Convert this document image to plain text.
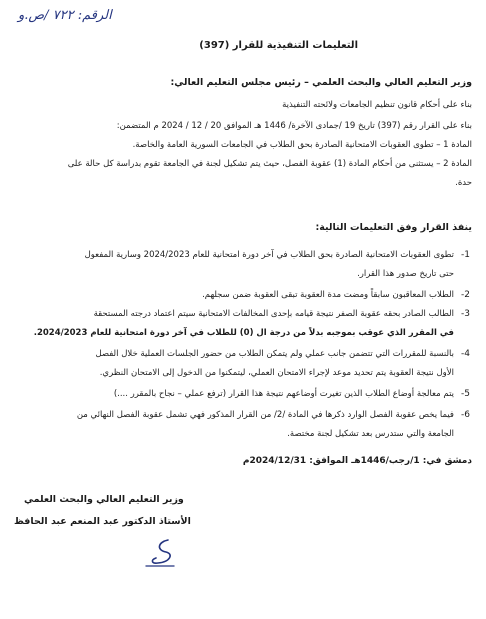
الرقم: ٧٢٢ /ص.و
التعليمات التنفيذية للقرار (397)
وزير التعليم العالي والبحث العلمي – رئيس مجلس التعليم العالي:
بناء على أحكام قانون تنظيم الجامعات ولائحته التنفيذية
بناء على القرار رقم (397) تاريخ 19 /جمادى الآخرة/ 1446 هـ الموافق 20 / 12 / 2024 م المتضمن:
المادة 1 – تطوى العقوبات الامتحانية الصادرة بحق الطلاب في الجامعات السورية العامة والخاصة.
المادة 2 – يستثنى من أحكام المادة (1) عقوبة الفصل، حيث يتم تشكيل لجنة في الجامعة تقوم بدراسة كل حالة على
حدة.
ينفذ القرار وفق التعليمات التالية:
1-
تطوى العقوبات الامتحانية الصادرة بحق الطلاب في آخر دورة امتحانية للعام 2024/2023 وسارية المفعول
حتى تاريخ صدور هذا القرار.
2-
الطلاب المعاقبون سابقاً ومضت مدة العقوبة تبقى العقوبة ضمن سجلهم.
3-
الطالب الصادر بحقه عقوبة الصفر نتيجة قيامه بإحدى المخالفات الامتحانية سيتم اعتماد درجته المستحقة
في المقرر الذي عوقب بموجبه بدلاً من درجة ال (0) للطلاب في آخر دورة امتحانية للعام 2024/2023.
4-
بالنسبة للمقررات التي تتضمن جانب عملي ولم يتمكن الطلاب من حضور الجلسات العملية خلال الفصل
الأول نتيجة العقوبة يتم تحديد موعد لإجراء الامتحان العملي، ليتمكنوا من الدخول إلى الامتحان النظري.
5-
يتم معالجة أوضاع الطلاب الذين تغيرت أوضاعهم نتيجة هذا القرار (ترفع عملي – نجاح بالمقرر ....)
6-
فيما يخص عقوبة الفصل الوارد ذكرها في المادة /2/ من القرار المذكور فهي تشمل عقوبة الفصل النهائي من
الجامعة والتي ستدرس بعد تشكيل لجنة مختصة.
دمشق في: 1/رجب/1446هـ الموافق: 2024/12/31م
وزير التعليم العالي والبحث العلمي
الأستاذ الدكتور عبد المنعم عبد الحافظ
